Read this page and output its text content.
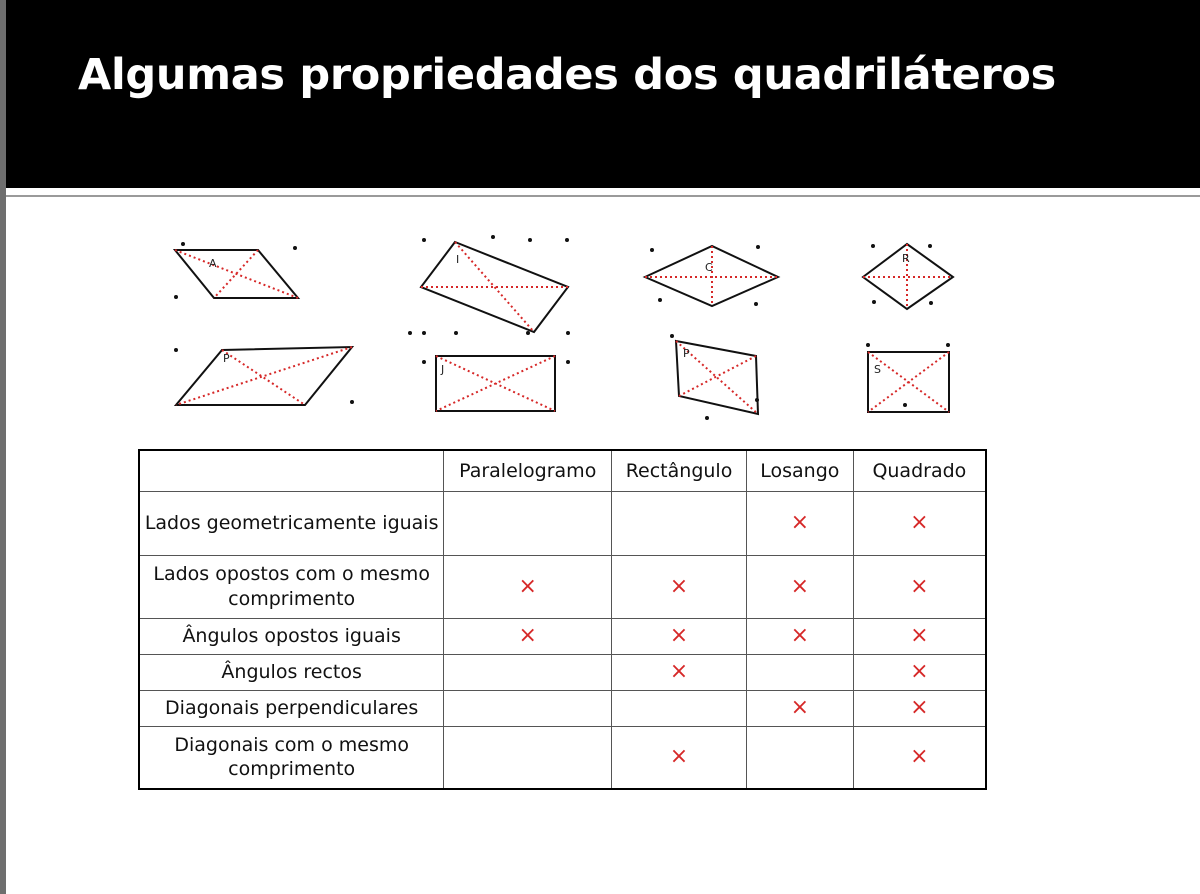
Algumas propriedades dos quadriláteros
A	I
C
R
P
J
P
S
	Paralelogramo	Rectângulo	Losango	Quadrado
Lados geometricamente iguais			×	×
Lados opostos com o mesmo comprimento	×	×	×	×
Ângulos opostos iguais	×	×	×	×
Ângulos rectos		×		×
Diagonais perpendiculares			×	×
Diagonais com o mesmo comprimento		×		×
